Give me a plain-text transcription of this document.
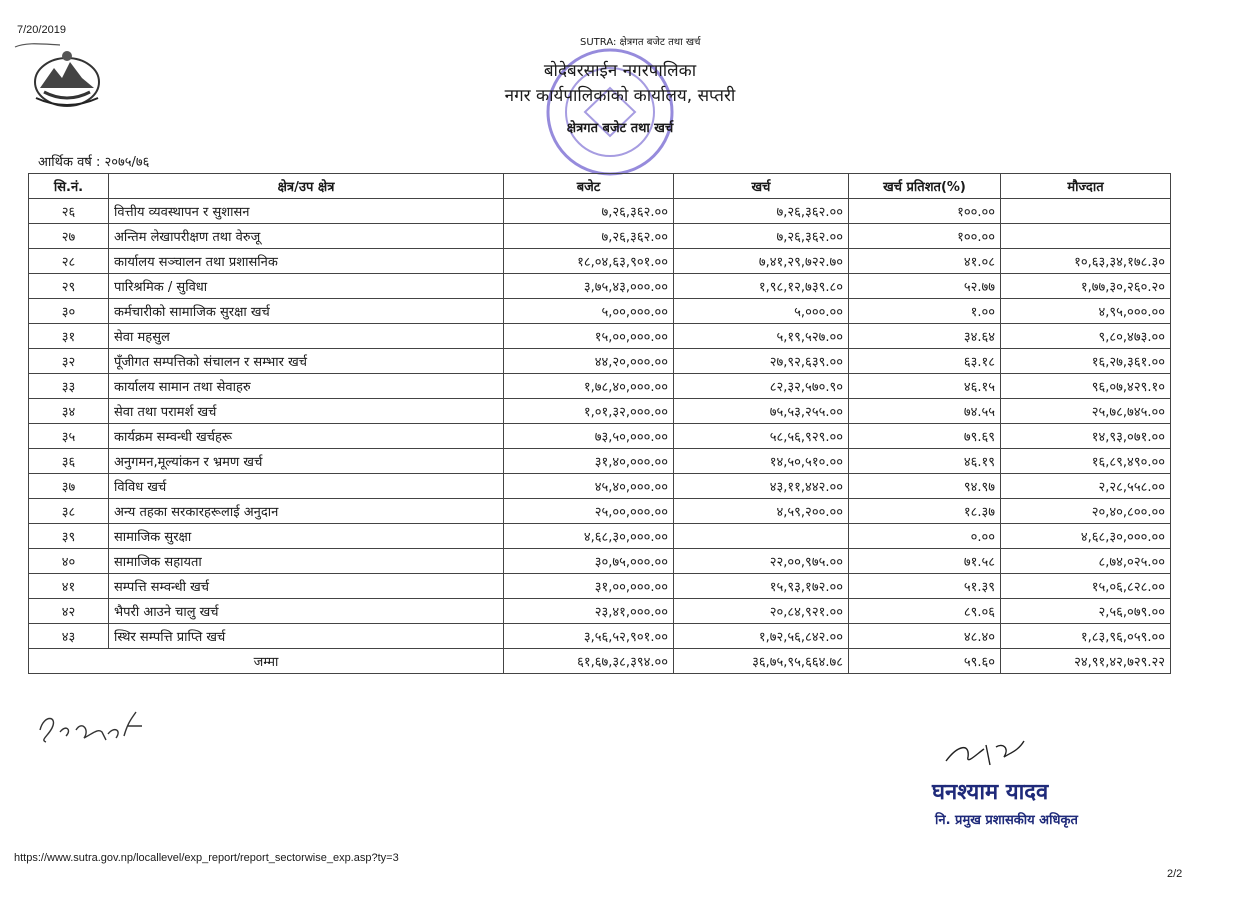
7/20/2019
SUTRA: क्षेत्रगत बजेट तथा खर्च
बोदेबरसाईन नगरपालिका
नगर कार्यपालिकाको कार्यालय, सप्तरी
क्षेत्रगत बजेट तथा खर्च
आर्थिक वर्ष : २०७५/७६
सि.नं.	क्षेत्र/उप क्षेत्र	बजेट	खर्च	खर्च प्रतिशत(%)	मौज्दात
२६	वित्तीय व्यवस्थापन र सुशासन	७,२६,३६२.००	७,२६,३६२.००	१००.००	
२७	अन्तिम लेखापरीक्षण तथा वेरुजू	७,२६,३६२.००	७,२६,३६२.००	१००.००	
२८	कार्यालय सञ्चालन तथा प्रशासनिक	१८,०४,६३,९०१.००	७,४१,२९,७२२.७०	४१.०८	१०,६३,३४,१७८.३०
२९	पारिश्रमिक / सुविधा	३,७५,४३,०००.००	१,९८,१२,७३९.८०	५२.७७	१,७७,३०,२६०.२०
३०	कर्मचारीको सामाजिक सुरक्षा खर्च	५,००,०००.००	५,०००.००	१.००	४,९५,०००.००
३१	सेवा महसुल	१५,००,०००.००	५,१९,५२७.००	३४.६४	९,८०,४७३.००
३२	पूँजीगत सम्पत्तिको संचालन र सम्भार खर्च	४४,२०,०००.००	२७,९२,६३९.००	६३.१८	१६,२७,३६१.००
३३	कार्यालय सामान तथा सेवाहरु	१,७८,४०,०००.००	८२,३२,५७०.९०	४६.१५	९६,०७,४२९.१०
३४	सेवा तथा परामर्श खर्च	१,०१,३२,०००.००	७५,५३,२५५.००	७४.५५	२५,७८,७४५.००
३५	कार्यक्रम सम्वन्धी खर्चहरू	७३,५०,०००.००	५८,५६,९२९.००	७९.६९	१४,९३,०७१.००
३६	अनुगमन,मूल्यांकन र भ्रमण खर्च	३१,४०,०००.००	१४,५०,५१०.००	४६.१९	१६,८९,४९०.००
३७	विविध खर्च	४५,४०,०००.००	४३,११,४४२.००	९४.९७	२,२८,५५८.००
३८	अन्य तहका सरकारहरूलाई अनुदान	२५,००,०००.००	४,५९,२००.००	१८.३७	२०,४०,८००.००
३९	सामाजिक सुरक्षा	४,६८,३०,०००.००		०.००	४,६८,३०,०००.००
४०	सामाजिक सहायता	३०,७५,०००.००	२२,००,९७५.००	७१.५८	८,७४,०२५.००
४१	सम्पत्ति सम्वन्धी खर्च	३१,००,०००.००	१५,९३,१७२.००	५१.३९	१५,०६,८२८.००
४२	भैपरी आउने चालु खर्च	२३,४१,०००.००	२०,८४,९२१.००	८९.०६	२,५६,०७९.००
४३	स्थिर सम्पत्ति प्राप्ति खर्च	३,५६,५२,९०१.००	१,७२,५६,८४२.००	४८.४०	१,८३,९६,०५९.००
जम्मा		६१,६७,३८,३९४.००	३६,७५,९५,६६४.७८	५९.६०	२४,९१,४२,७२९.२२
घनश्याम यादव
नि. प्रमुख प्रशासकीय अधिकृत
https://www.sutra.gov.np/locallevel/exp_report/report_sectorwise_exp.asp?ty=3
2/2
